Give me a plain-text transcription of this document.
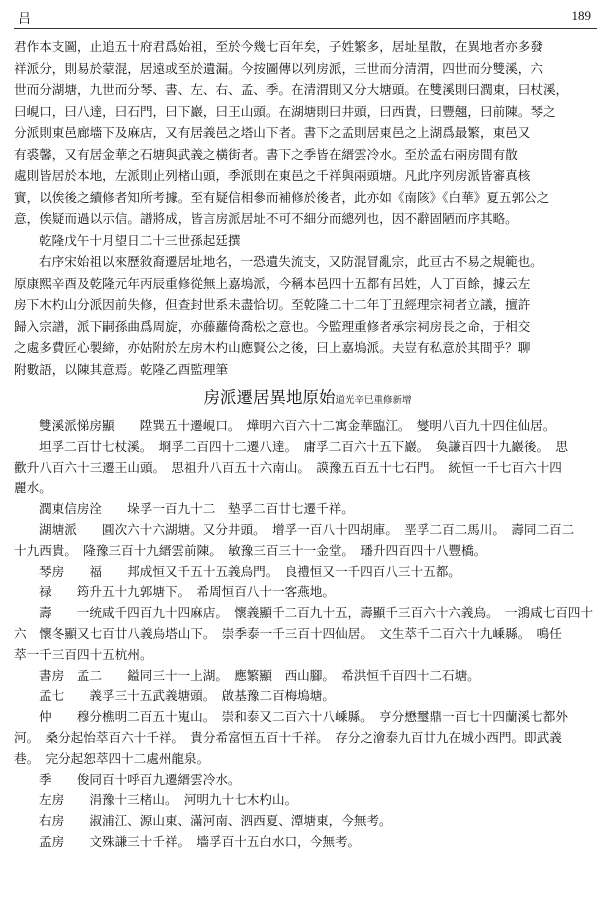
吕	189
君作本支圖，止追五十府君爲始祖，至於今幾七百年矣，子姓繁多，居址星散，在異地者亦多發
祥派分，則易於蒙混，居遠或至於遺漏。今按圖傳以列房派，三世而分清渭，四世而分雙溪，六
世而分湖塘，九世而分琴、書、左、右、孟、季。在清渭則又分大塘頭。在雙溪則曰潤東，曰杖溪，
曰峴口，曰八達，曰石門，曰下巖，曰王山頭。在湖塘則曰井頭，曰西貴，曰豐翹，曰前陳。琴之
分派則東邑廊墻下及麻店，又有居義邑之塔山下者。書下之孟則居東邑之上湖爲最繁，東邑又
有裘馨，又有居金華之石塘與武義之橫街者。書下之季皆在縉雲冷水。至於孟右兩房間有散
處則皆居於本地，左派則止列楮山頭，季派則在東邑之千祥與兩頭塘。凡此序列房派皆審真核
實，以俟後之續修者知所考據。至有疑信相參而補修於後者，此亦如《南陔》《白華》夏五郭公之
意，俟疑而過以示信。譜將成，皆言房派居址不可不細分而總列也，因不辭固陋而序其略。
乾隆戊午十月望日二十三世孫起廷撰
右序宋始祖以來歷敘裔遷居址地名，一恐遺失流支，又防混冒亂宗，此亘古不易之規範也。
原康熙辛酉及乾隆元年丙辰重修從無上嘉塢派，今稱本邑四十五都有呂姓，人丁百餘，據云左
房下木杓山分派因前失修，但查封世系未盡恰切。至乾隆二十二年丁丑經理宗祠者立議，擅許
歸入宗譜，派下嗣孫曲爲周旋，亦藤蘿倚喬松之意也。今監理重修者承宗祠房長之命，于相交
之處多費匠心製締，亦姑附於左房木杓山應賢公之後，曰上嘉塢派。夫豈有私意於其間乎？聊
附數語，以陳其意焉。乾隆乙酉監理筆
房派遷居異地原始道光辛巳重修新增
雙溪派悌房顯　　陞巽五十遷峴口。　燁明六百六十二寓金華臨江。　燮明八百九十四住仙居。
坦孚二百廿七杖溪。　埛孚二百四十二遷八達。　庸孚二百六十五下巖。　奐謙百四十九巖後。　思
歡升八百六十三遷王山頭。　思祖升八百五十六南山。　謨豫五百五十七石門。　統恒一千七百六十四
麗水。
潤東信房洤　　垛孚一百九十二　墊孚二百廿七遷千祥。
湖塘派　　圓次六十六湖塘。又分井頭。　增孚一百八十四胡庫。　垩孚二百二馬川。　壽同二百二
十九西貴。　隆豫三百十九縉雲前陳。　敏豫三百三十一金堂。　璠升四百四十八豐橋。
琴房　　福　　邦成恒又千五十五義烏門。　良禮恒又一千四百八三十五都。
禄　　筠升五十九郭塘下。　希周恒百八十一客燕地。
壽　　一统咸千四百九十四麻店。　懷義顯千二百九十五，壽顯千三百六十六義烏。　一鴻咸七百四十
六　懷冬顯又七百廿八義烏塔山下。　崇季泰一千三百十四仙居。　文生萃千二百六十九嵊縣。　鳴任
萃一千三百四十五杭州。
書房　孟二　　鎰同三十一上湖。　應繁顯　西山腳。　希洪恒千百四十二石塘。
孟七　　義孚三十五武義塘頭。　啟基豫二百梅塢塘。
仲　　穆分樵明二百五十嵬山。　崇和泰又二百六十八嵊縣。　亨分懋璽鼎一百七十四蘭溪七都外
河。　桑分起怡萃百六十千祥。　貴分希富恒五百十千祥。　存分之澮泰九百廿九在城小西門。即武義
巷。　完分起恕萃四十二處州龍泉。
季　　俊同百十呼百九遷縉雲冷水。
左房　　涓豫十三楮山。　河明九十七木杓山。
右房　　淑浦江、源山東、滿河南、泗西夏、潭塘東，今無考。
孟房　　文殊謙三十千祥。　墻孚百十五白水口，今無考。
